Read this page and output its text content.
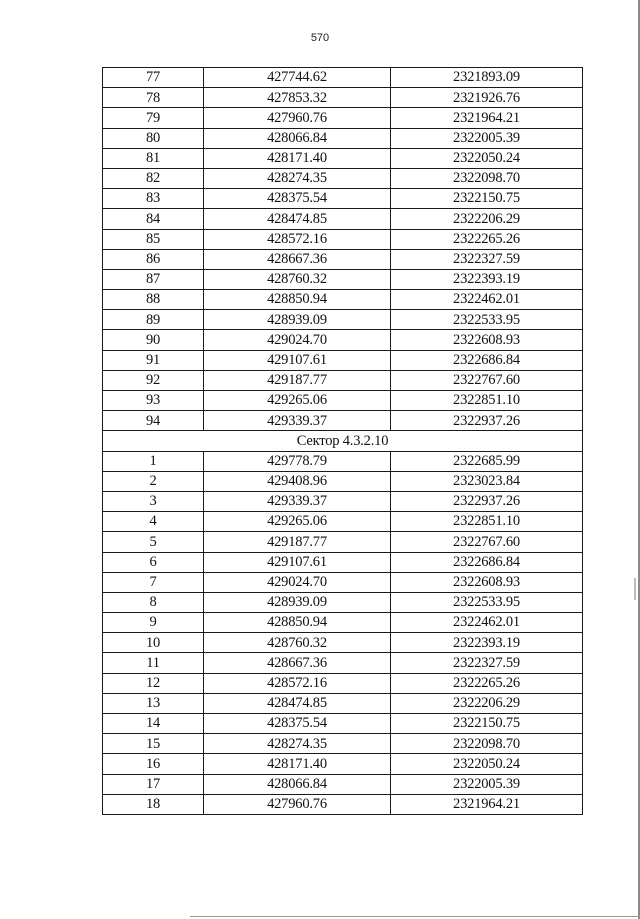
570
77	427744.62	2321893.09
78	427853.32	2321926.76
79	427960.76	2321964.21
80	428066.84	2322005.39
81	428171.40	2322050.24
82	428274.35	2322098.70
83	428375.54	2322150.75
84	428474.85	2322206.29
85	428572.16	2322265.26
86	428667.36	2322327.59
87	428760.32	2322393.19
88	428850.94	2322462.01
89	428939.09	2322533.95
90	429024.70	2322608.93
91	429107.61	2322686.84
92	429187.77	2322767.60
93	429265.06	2322851.10
94	429339.37	2322937.26
Сектор 4.3.2.10		
1	429778.79	2322685.99
2	429408.96	2323023.84
3	429339.37	2322937.26
4	429265.06	2322851.10
5	429187.77	2322767.60
6	429107.61	2322686.84
7	429024.70	2322608.93
8	428939.09	2322533.95
9	428850.94	2322462.01
10	428760.32	2322393.19
11	428667.36	2322327.59
12	428572.16	2322265.26
13	428474.85	2322206.29
14	428375.54	2322150.75
15	428274.35	2322098.70
16	428171.40	2322050.24
17	428066.84	2322005.39
18	427960.76	2321964.21
